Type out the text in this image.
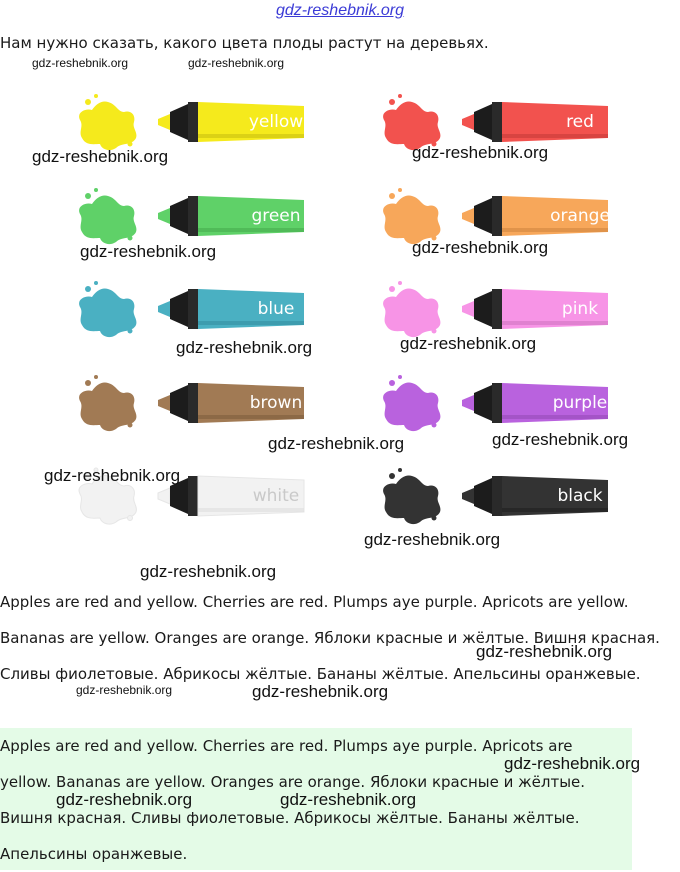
gdz-reshebnik.org
Нам нужно сказать, какого цвета плоды растут на деревьях.
gdz-reshebnik.org	gdz-reshebnik.org
yellow	red
green	orange
blue	pink
brown	purple
white	black
gdz-reshebnik.org	gdz-reshebnik.org
gdz-reshebnik.org	gdz-reshebnik.org
gdz-reshebnik.org	gdz-reshebnik.org
gdz-reshebnik.org	gdz-reshebnik.org
gdz-reshebnik.org
gdz-reshebnik.org
gdz-reshebnik.org
Apples are red and yellow. Cherries are red. Plumps aye purple. Apricots are yellow. Bananas are yellow. Oranges are orange. Яблоки красные и жёлтые. Вишня красная. Сливы фиолетовые. Абрикосы жёлтые. Бананы жёлтые. Апельсины оранжевые.
Apples are red and yellow. Cherries are red. Plumps aye purple. Apricots are yellow. Bananas are yellow. Oranges are orange. Яблоки красные и жёлтые. Вишня красная. Сливы фиолетовые. Абрикосы жёлтые. Бананы жёлтые. Апельсины оранжевые.
gdz-reshebnik.org
gdz-reshebnik.org	gdz-reshebnik.org
gdz-reshebnik.org
gdz-reshebnik.org	gdz-reshebnik.org
